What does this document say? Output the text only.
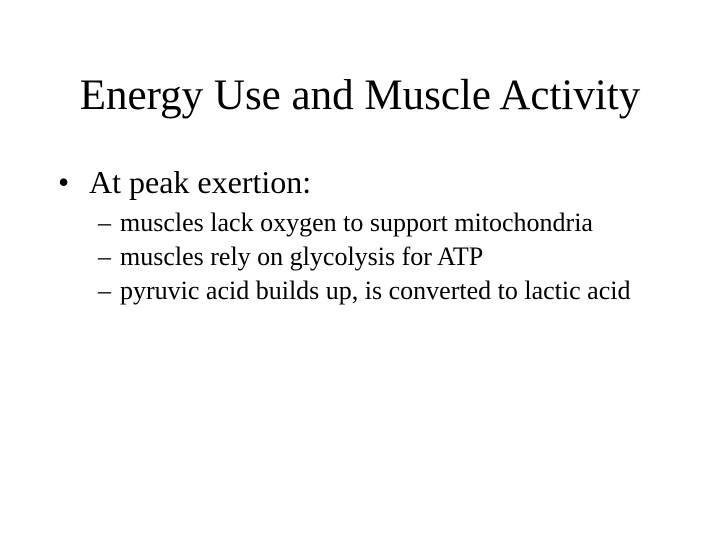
Energy Use and Muscle Activity
• At peak exertion:
– muscles lack oxygen to support mitochondria
– muscles rely on glycolysis for ATP
– pyruvic acid builds up, is converted to lactic acid
